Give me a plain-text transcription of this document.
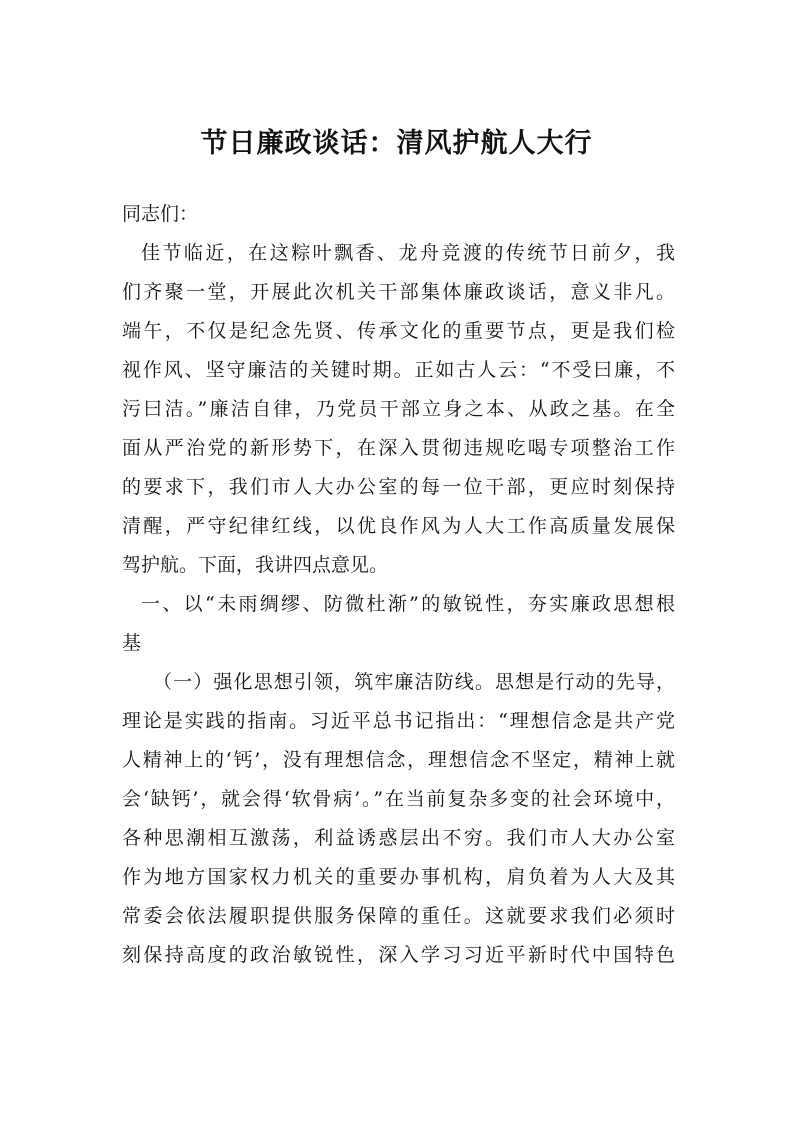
节日廉政谈话：清风护航人大行
同志们：
佳节临近，在这粽叶飘香、龙舟竞渡的传统节日前夕，我
们齐聚一堂，开展此次机关干部集体廉政谈话，意义非凡。
端午，不仅是纪念先贤、传承文化的重要节点，更是我们检
视作风、坚守廉洁的关键时期。正如古人云：“不受曰廉，不
污曰洁。”廉洁自律，乃党员干部立身之本、从政之基。在全
面从严治党的新形势下，在深入贯彻违规吃喝专项整治工作
的要求下，我们市人大办公室的每一位干部，更应时刻保持
清醒，严守纪律红线，以优良作风为人大工作高质量发展保
驾护航。下面，我讲四点意见。
一、以“未雨绸缪、防微杜渐”的敏锐性，夯实廉政思想根
基
（一）强化思想引领，筑牢廉洁防线。思想是行动的先导，
理论是实践的指南。习近平总书记指出：“理想信念是共产党
人精神上的‘钙’，没有理想信念，理想信念不坚定，精神上就
会‘缺钙’，就会得‘软骨病’。”在当前复杂多变的社会环境中，
各种思潮相互激荡，利益诱惑层出不穷。我们市人大办公室
作为地方国家权力机关的重要办事机构，肩负着为人大及其
常委会依法履职提供服务保障的重任。这就要求我们必须时
刻保持高度的政治敏锐性，深入学习习近平新时代中国特色
